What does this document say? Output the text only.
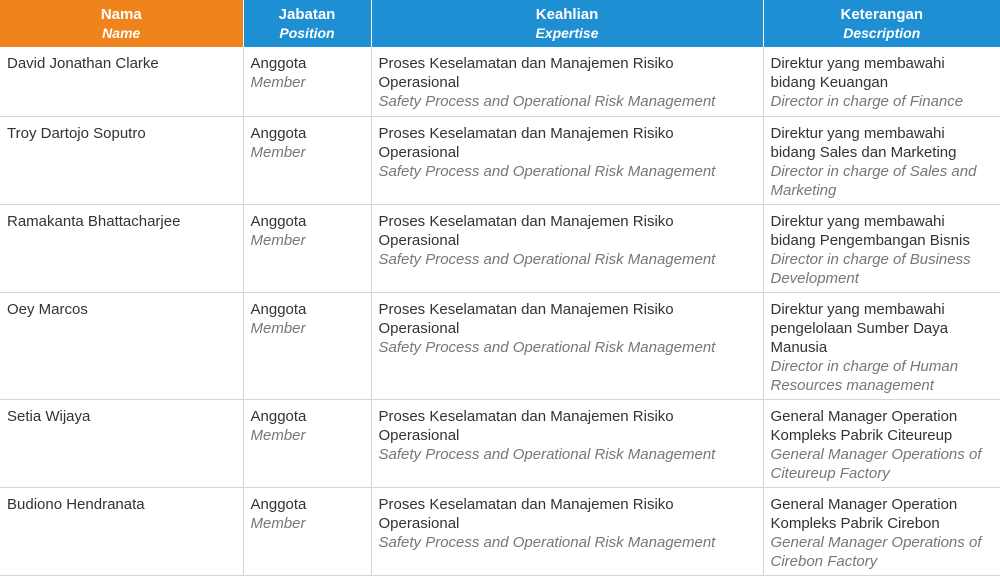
Nama
Name	Jabatan
Position	Keahlian
Expertise	Keterangan
Description

David Jonathan Clarke	Anggota
Member	Proses Keselamatan dan Manajemen Risiko Operasional
Safety Process and Operational Risk Management	Direktur yang membawahi bidang Keuangan
Director in charge of Finance

Troy Dartojo Soputro	Anggota
Member	Proses Keselamatan dan Manajemen Risiko Operasional
Safety Process and Operational Risk Management	Direktur yang membawahi bidang Sales dan Marketing
Director in charge of Sales and Marketing

Ramakanta Bhattacharjee	Anggota
Member	Proses Keselamatan dan Manajemen Risiko Operasional
Safety Process and Operational Risk Management	Direktur yang membawahi bidang Pengembangan Bisnis
Director in charge of Business Development

Oey Marcos	Anggota
Member	Proses Keselamatan dan Manajemen Risiko Operasional
Safety Process and Operational Risk Management	Direktur yang membawahi pengelolaan Sumber Daya Manusia
Director in charge of Human Resources management

Setia Wijaya	Anggota
Member	Proses Keselamatan dan Manajemen Risiko Operasional
Safety Process and Operational Risk Management	General Manager Operation Kompleks Pabrik Citeureup
General Manager Operations of Citeureup Factory

Budiono Hendranata	Anggota
Member	Proses Keselamatan dan Manajemen Risiko Operasional
Safety Process and Operational Risk Management	General Manager Operation Kompleks Pabrik Cirebon
General Manager Operations of Cirebon Factory
